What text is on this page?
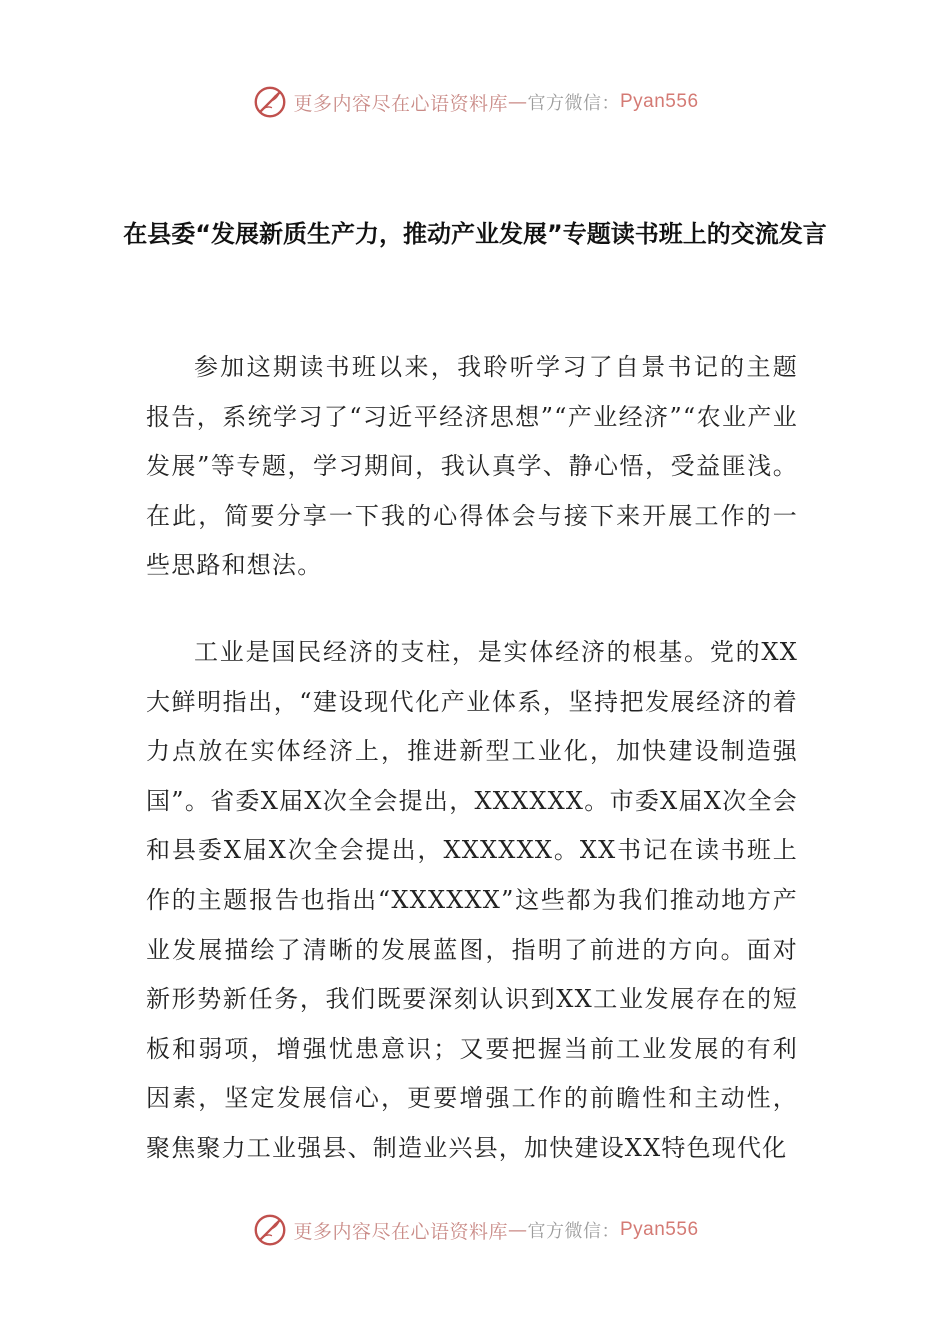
更多内容尽在心语资料库 — 官方微信： Pyan556
在县委“发展新质生产力，推动产业发展”专题读书班上的交流发言

参加这期读书班以来，我聆听学习了自景书记的主题报告，系统学习了“习近平经济思想”“产业经济”“农业产业发展”等专题，学习期间，我认真学、静心悟，受益匪浅。在此，简要分享一下我的心得体会与接下来开展工作的一些思路和想法。

工业是国民经济的支柱，是实体经济的根基。党的XX大鲜明指出，“建设现代化产业体系，坚持把发展经济的着力点放在实体经济上，推进新型工业化，加快建设制造强国”。省委X届X次全会提出，XXXXXX。市委X届X次全会和县委X届X次全会提出，XXXXXX。XX书记在读书班上作的主题报告也指出“XXXXXX”这些都为我们推动地方产业发展描绘了清晰的发展蓝图，指明了前进的方向。面对新形势新任务，我们既要深刻认识到XX工业发展存在的短板和弱项，增强忧患意识；又要把握当前工业发展的有利因素，坚定发展信心，更要增强工作的前瞻性和主动性，聚焦聚力工业强县、制造业兴县，加快建设XX特色现代化

更多内容尽在心语资料库 — 官方微信： Pyan556
